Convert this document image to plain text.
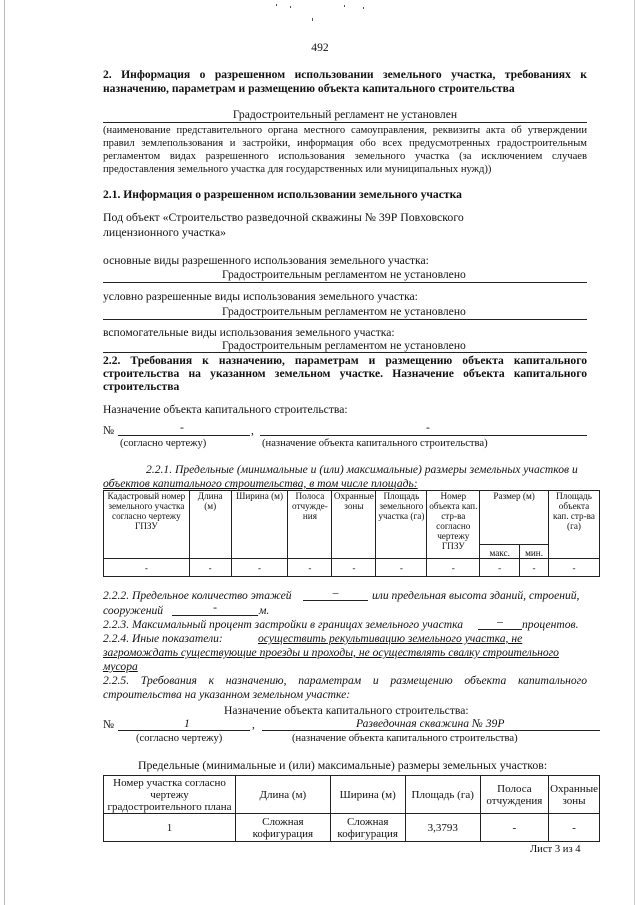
492
2. Информация о разрешенном использовании земельного участка, требованиях к
назначению, параметрам и размещению объекта капитального строительства
Градостроительный регламент не установлен
(наименование представительного органа местного самоуправления, реквизиты акта об утверждении
правил землепользования и застройки, информация обо всех предусмотренных градостроительным
регламентом видах разрешенного использования земельного участка (за исключением случаев
предоставления земельного участка для государственных или муниципальных нужд))
2.1. Информация о разрешенном использовании земельного участка
Под объект «Строительство разведочной скважины № 39Р Повховского
лицензионного участка»
основные виды разрешенного использования земельного участка:
Градостроительным регламентом не установлено
условно разрешенные виды использования земельного участка:
Градостроительным регламентом не установлено
вспомогательные виды использования земельного участка:
Градостроительным регламентом не установлено
2.2. Требования к назначению, параметрам и размещению объекта капитального
строительства на указанном земельном участке. Назначение объекта капитального
строительства
Назначение объекта капитального строительства:
№	-	,	-
(согласно чертежу)	(назначение объекта капитального строительства)
2.2.1. Предельные (минимальные и (или) максимальные) размеры земельных участков и
объектов капитального строительства, в том числе площадь:
Кадастровый номер земельного участка согласно чертежу ГПЗУ	Длина (м)	Ширина (м)	Полоса отчужде-ния	Охранные зоны	Площадь земельного участка (га)	Номер объекта кап. стр-ва согласно чертежу ГПЗУ	Размер (м)		Площадь объекта кап. стр-ва (га)
							макс.	мин.	
-	-	-	-	-	-	-	-	-	-
2.2.2. Предельное количество этажей	–	или предельная высота зданий, строений,
сооружений	-	м.
2.2.3. Максимальный процент застройки в границах земельного участка	–	процентов.
2.2.4. Иные показатели:	осуществить рекультивацию земельного участка, не
загромождать существующие проезды и проходы, не осуществлять свалку строительного
мусора
2.2.5. Требования к назначению, параметрам и размещению объекта капитального
строительства на указанном земельном участке:
Назначение объекта капитального строительства:
№	1	,	Разведочная скважина № 39Р
(согласно чертежу)	(назначение объекта капитального строительства)
Предельные (минимальные и (или) максимальные) размеры земельных участков:
Номер участка согласно чертежу градостроительного плана	Длина (м)	Ширина (м)	Площадь (га)	Полоса отчуждения	Охранные зоны
1	Сложная кофигурация	Сложная кофигурация	3,3793	-	-
Лист 3 из 4
